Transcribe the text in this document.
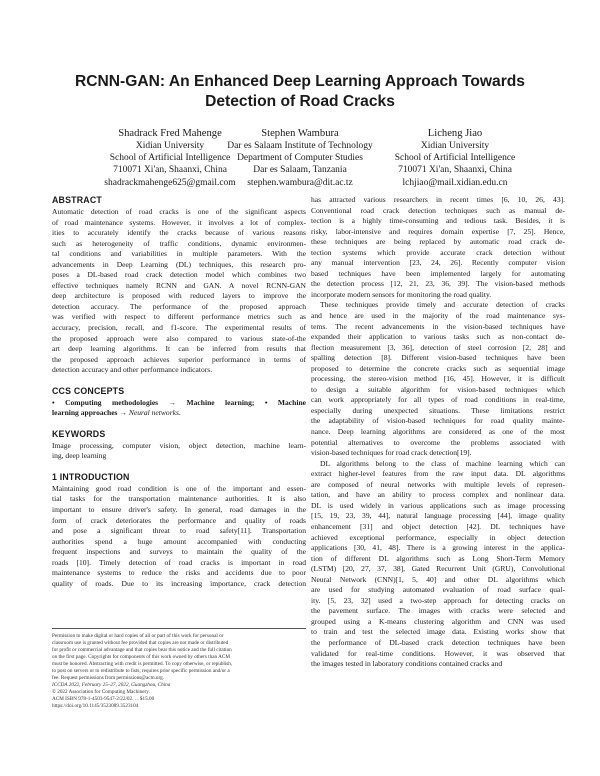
RCNN-GAN: An Enhanced Deep Learning Approach Towards
Detection of Road Cracks
Shadrack Fred Mahenge
Xidian University
School of Artificial Intelligence
710071 Xi'an, Shaanxi, China
shadrackmahenge625@gmail.com
Stephen Wambura
Dar es Salaam Institute of Technology
Department of Computer Studies
Dar es Salaam, Tanzania
stephen.wambura@dit.ac.tz
Licheng Jiao
Xidian University
School of Artificial Intelligence
710071 Xi'an, Shaanxi, China
lchjiao@mail.xidian.edu.cn
ABSTRACT
Automatic detection of road cracks is one of the significant aspects
of road maintenance systems. However, it involves a lot of complex-
ities to accurately identify the cracks because of various reasons
such as heterogeneity of traffic conditions, dynamic environmen-
tal conditions and variabilities in multiple parameters. With the
advancements in Deep Learning (DL) techniques, this research pro-
poses a DL-based road crack detection model which combines two
effective techniques namely RCNN and GAN. A novel RCNN-GAN
deep architecture is proposed with reduced layers to improve the
detection accuracy. The performance of the proposed approach
was verified with respect to different performance metrics such as
accuracy, precision, recall, and f1-score. The experimental results of
the proposed approach were also compared to various state-of-the
art deep learning algorithms. It can be inferred from results that
the proposed approach achieves superior performance in terms of
detection accuracy and other performance indicators.
CCS CONCEPTS
• Computing methodologies → Machine learning; • Machine
learning approaches → Neural networks.
KEYWORDS
Image processing, computer vision, object detection, machine learn-
ing, deep learning
1 INTRODUCTION
Maintaining good road condition is one of the important and essen-
tial tasks for the transportation maintenance authorities. It is also
important to ensure driver's safety. In general, road damages in the
form of crack deteriorates the performance and quality of roads
and pose a significant threat to road safety[11]. Transportation
authorities spend a huge amount accompanied with conducting
frequent inspections and surveys to maintain the quality of the
roads [10]. Timely detection of road cracks is important in road
maintenance systems to reduce the risks and accidents due to poor
quality of roads. Due to its increasing importance, crack detection
Permission to make digital or hard copies of all or part of this work for personal or
classroom use is granted without fee provided that copies are not made or distributed
for profit or commercial advantage and that copies bear this notice and the full citation
on the first page. Copyrights for components of this work owned by others than ACM
must be honored. Abstracting with credit is permitted. To copy otherwise, or republish,
to post on servers or to redistribute to lists, requires prior specific permission and/or a
fee. Request permissions from permissions@acm.org.
ICCDA 2022, February 25–27, 2022, Guangzhou, China
© 2022 Association for Computing Machinery.
ACM ISBN 978-1-4503-9547-2/22/02. . . $15.00
https://doi.org/10.1145/3523089.3523104
has attracted various researchers in recent times [6, 10, 26, 43].
Conventional road crack detection techniques such as manual de-
tection is a highly time-consuming and tedious task. Besides, it is
risky, labor-intensive and requires domain expertise [7, 25]. Hence,
these techniques are being replaced by automatic road crack de-
tection systems which provide accurate crack detection without
any manual intervention [23, 24, 26]. Recently computer vision
based techniques have been implemented largely for automating
the detection process [12, 21, 23, 36, 39]. The vision-based methods
incorporate modern sensors for monitoring the road quality.
These techniques provide timely and accurate detection of cracks
and hence are used in the majority of the road maintenance sys-
tems. The recent advancements in the vision-based techniques have
expanded their application to various tasks such as non-contact de-
flection measurement [3, 36], detection of steel corrosion [2, 28] and
spalling detection [8]. Different vision-based techniques have been
proposed to determine the concrete cracks such as sequential image
processing, the stereo-vision method [16, 45]. However, it is difficult
to design a suitable algorithm for vision-based techniques which
can work appropriately for all types of road conditions in real-time,
especially during unexpected situations. These limitations restrict
the adaptability of vision-based techniques for road quality mainte-
nance. Deep learning algorithms are considered as one of the most
potential alternatives to overcome the problems associated with
vision-based techniques for road crack detection[19].
DL algorithms belong to the class of machine learning which can
extract higher-level features from the raw input data. DL algorithms
are composed of neural networks with multiple levels of represen-
tation, and have an ability to process complex and nonlinear data.
DL is used widely in various applications such as image processing
[15, 19, 23, 39, 44], natural language processing [44], image quality
enhancement [31] and object detection [42]. DL techniques have
achieved exceptional performance, especially in object detection
applications [30, 41, 48]. There is a growing interest in the applica-
tion of different DL algorithms such as Long Short-Term Memory
(LSTM) [20, 27, 37, 38], Gated Recurrent Unit (GRU), Convolutional
Neural Network (CNN)[1, 5, 40] and other DL algorithms which
are used for studying automated evaluation of road surface qual-
ity. [5, 23, 32] used a two-step approach for detecting cracks on
the pavement surface. The images with cracks were selected and
grouped using a K-means clustering algorithm and CNN was used
to train and test the selected image data. Existing works show that
the performance of DL-based crack detection techniques have been
validated for real-time conditions. However, it was observed that
the images tested in laboratory conditions contained cracks and
